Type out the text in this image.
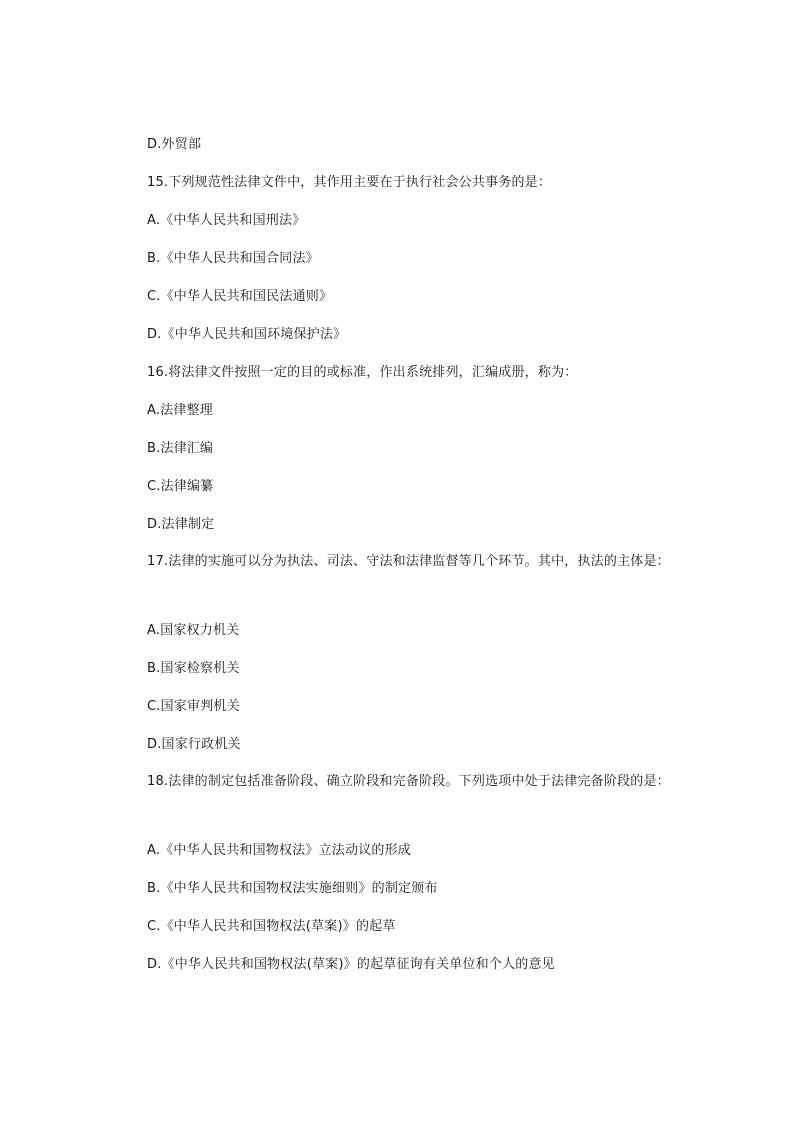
D.外贸部
15.下列规范性法律文件中，其作用主要在于执行社会公共事务的是：
A.《中华人民共和国刑法》
B.《中华人民共和国合同法》
C.《中华人民共和国民法通则》
D.《中华人民共和国环境保护法》
16.将法律文件按照一定的目的或标准，作出系统排列，汇编成册，称为：
A.法律整理
B.法律汇编
C.法律编纂
D.法律制定
17.法律的实施可以分为执法、司法、守法和法律监督等几个环节。其中，执法的主体是：
A.国家权力机关
B.国家检察机关
C.国家审判机关
D.国家行政机关
18.法律的制定包括准备阶段、确立阶段和完备阶段。下列选项中处于法律完备阶段的是：
A.《中华人民共和国物权法》立法动议的形成
B.《中华人民共和国物权法实施细则》的制定颁布
C.《中华人民共和国物权法(草案)》的起草
D.《中华人民共和国物权法(草案)》的起草征询有关单位和个人的意见
